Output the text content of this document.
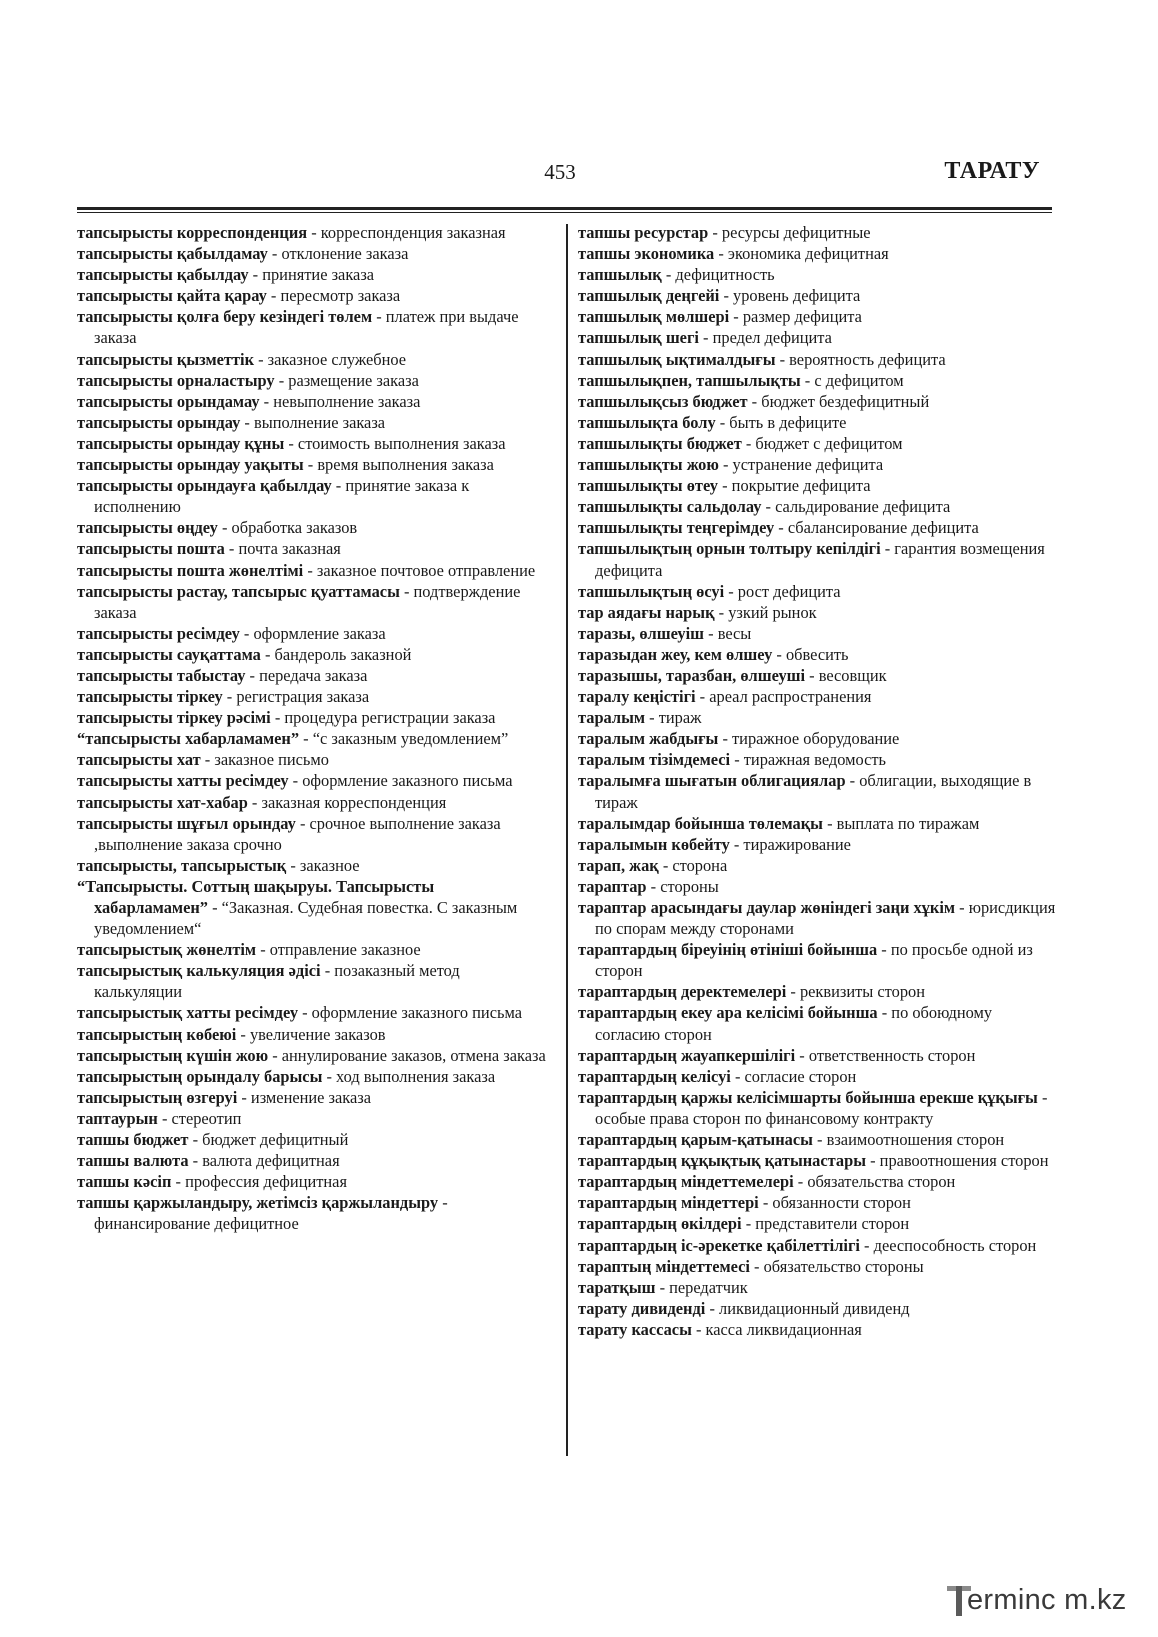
453	ТАРАТУ

тапсырысты корреспонденция - корреспонденция заказная

тапсырысты қабылдамау - отклонение заказа

тапсырысты қабылдау - принятие заказа

тапсырысты қайта қарау - пересмотр заказа

тапсырысты қолға беру кезіндегі төлем - платеж при выдаче заказа

тапсырысты қызметтік - заказное служебное

тапсырысты орналастыру - размещение заказа

тапсырысты орындамау - невыполнение заказа

тапсырысты орындау - выполнение заказа

тапсырысты орындау құны - стоимость выполнения заказа

тапсырысты орындау уақыты - время выполнения заказа

тапсырысты орындауға қабылдау - принятие заказа к исполнению

тапсырысты өңдеу - обработка заказов

тапсырысты пошта - почта заказная

тапсырысты пошта жөнелтімі - заказное почтовое отправление

тапсырысты растау, тапсырыс қуаттамасы - подтверждение заказа

тапсырысты ресімдеу - оформление заказа

тапсырысты сауқаттама - бандероль заказной

тапсырысты табыстау - передача заказа

тапсырысты тіркеу - регистрация заказа

тапсырысты тіркеу рәсімі - процедура регистрации заказа

“тапсырысты хабарламамен” - “с заказным уведомлением”

тапсырысты хат - заказное письмо

тапсырысты хатты ресімдеу - оформление заказного письма

тапсырысты хат-хабар - заказная корреспонденция

тапсырысты шұғыл орындау - срочное выполнение заказа ,выполнение заказа срочно

тапсырысты, тапсырыстық - заказное

“Тапсырысты. Соттың шақыруы. Тапсырысты хабарламамен” - “Заказная. Судебная повестка. С заказным уведомлением“

тапсырыстық жөнелтім - отправление заказное

тапсырыстық калькуляция әдісі - позаказный метод калькуляции

тапсырыстық хатты ресімдеу - оформление заказного письма

тапсырыстың көбеюі - увеличение заказов

тапсырыстың күшін жою - аннулирование заказов, отмена заказа

тапсырыстың орындалу барысы - ход выполнения заказа

тапсырыстың өзгеруі - изменение заказа

таптаурын - стереотип

тапшы бюджет - бюджет дефицитный

тапшы валюта - валюта дефицитная

тапшы кәсіп - профессия дефицитная

тапшы қаржыландыру, жетімсіз қаржыландыру - финансирование дефицитное

тапшы ресурстар - ресурсы дефицитные

тапшы экономика - экономика дефицитная

тапшылық - дефицитность

тапшылық деңгейі - уровень дефицита

тапшылық мөлшері - размер дефицита

тапшылық шегі - предел дефицита

тапшылық ықтималдығы - вероятность дефицита

тапшылықпен, тапшылықты - с дефицитом

тапшылықсыз бюджет - бюджет бездефицитный

тапшылықта болу - быть в дефиците

тапшылықты бюджет - бюджет с дефицитом

тапшылықты жою - устранение дефицита

тапшылықты өтеу - покрытие дефицита

тапшылықты сальдолау - сальдирование дефицита

тапшылықты теңгерімдеу - сбалансирование дефицита

тапшылықтың орнын толтыру кепілдігі - гарантия возмещения дефицита

тапшылықтың өсуі - рост дефицита

тар аядағы нарық - узкий рынок

таразы, өлшеуіш - весы

таразыдан жеу, кем өлшеу - обвесить

таразышы, таразбан, өлшеуші - весовщик

таралу кеңістігі - ареал распространения

таралым - тираж

таралым жабдығы - тиражное оборудование

таралым тізімдемесі - тиражная ведомость

таралымға шығатын облигациялар - облигации, выходящие в тираж

таралымдар бойынша төлемақы - выплата по тиражам

таралымын көбейту - тиражирование

тарап, жақ - сторона

тараптар - стороны

тараптар арасындағы даулар жөніндегі заңи хұкім - юрисдикция по спорам между сторонами

тараптардың біреуінің өтініші бойынша - по просьбе одной из сторон

тараптардың деректемелері - реквизиты сторон

тараптардың екеу ара келісімі бойынша - по обоюдному согласию сторон

тараптардың жауапкершілігі - ответственность сторон

тараптардың келісуі - согласие сторон

тараптардың қаржы келісімшарты бойынша ерекше құқығы - особые права сторон по финансовому контракту

тараптардың қарым-қатынасы - взаимоотношения сторон

тараптардың құқықтық қатынастары - правоотношения сторон

тараптардың міндеттемелері - обязательства сторон

тараптардың міндеттері - обязанности сторон

тараптардың өкілдері - представители сторон

тараптардың іс-әрекетке қабілеттілігі - дееспособность сторон

тараптың міндеттемесі - обязательство стороны

таратқыш - передатчик

тарату дивиденді - ликвидационный дивиденд

тарату кассасы - касса ликвидационная

erminc m.kz
